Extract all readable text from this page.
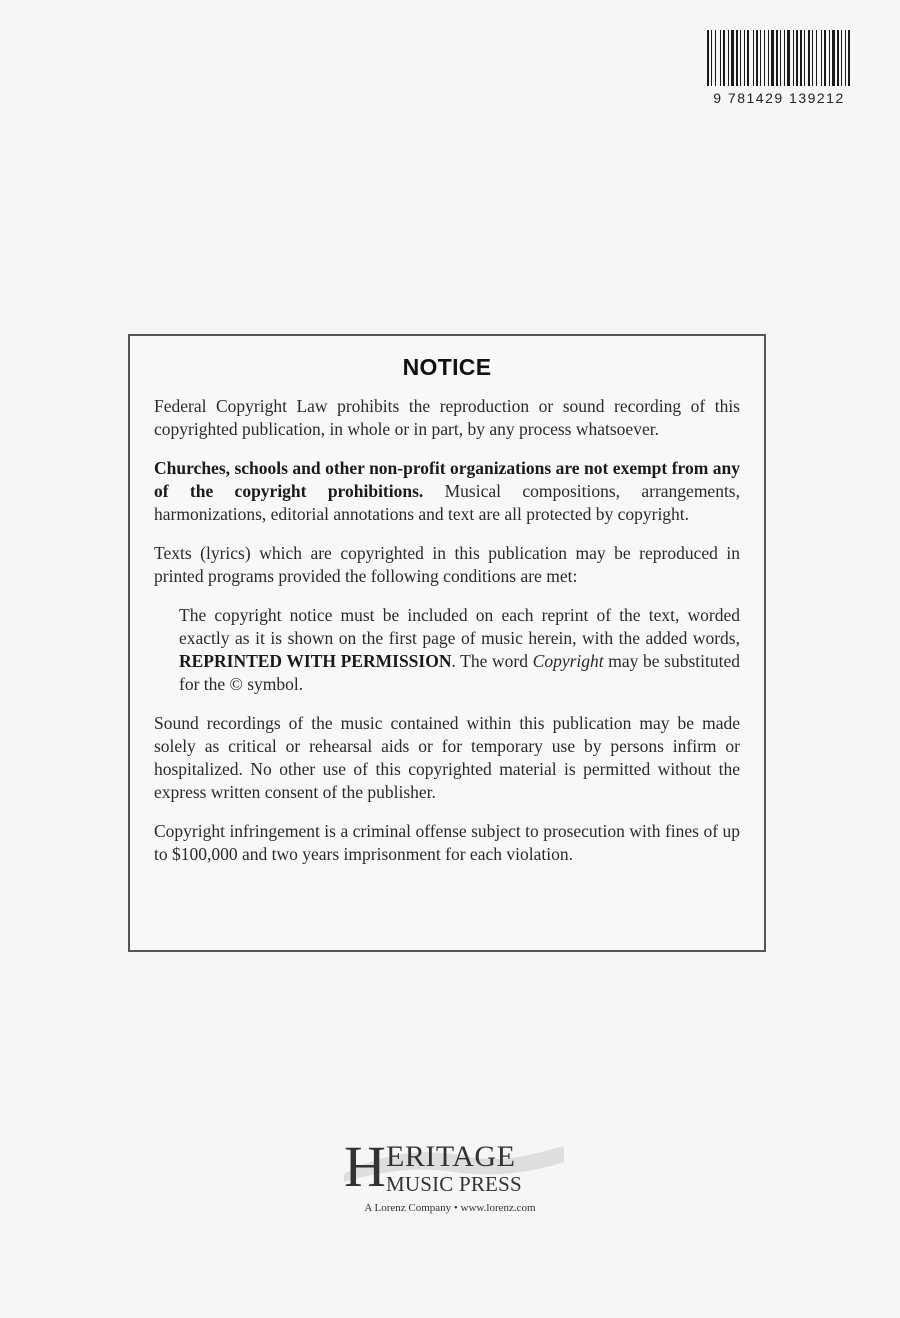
9 781429 139212
NOTICE

Federal Copyright Law prohibits the reproduction or sound recording of this copyrighted publication, in whole or in part, by any process whatsoever.

Churches, schools and other non-profit organizations are not exempt from any of the copyright prohibitions. Musical compositions, arrangements, harmonizations, editorial annotations and text are all protected by copyright.

Texts (lyrics) which are copyrighted in this publication may be reproduced in printed programs provided the following conditions are met:

The copyright notice must be included on each reprint of the text, worded exactly as it is shown on the first page of music herein, with the added words, REPRINTED WITH PERMISSION. The word Copyright may be substituted for the © symbol.

Sound recordings of the music contained within this publication may be made solely as critical or rehearsal aids or for temporary use by persons infirm or hospitalized. No other use of this copyrighted material is permitted without the express written consent of the publisher.

Copyright infringement is a criminal offense subject to prosecution with fines of up to $100,000 and two years imprisonment for each violation.

H ERITAGE
MUSIC PRESS
A Lorenz Company • www.lorenz.com
